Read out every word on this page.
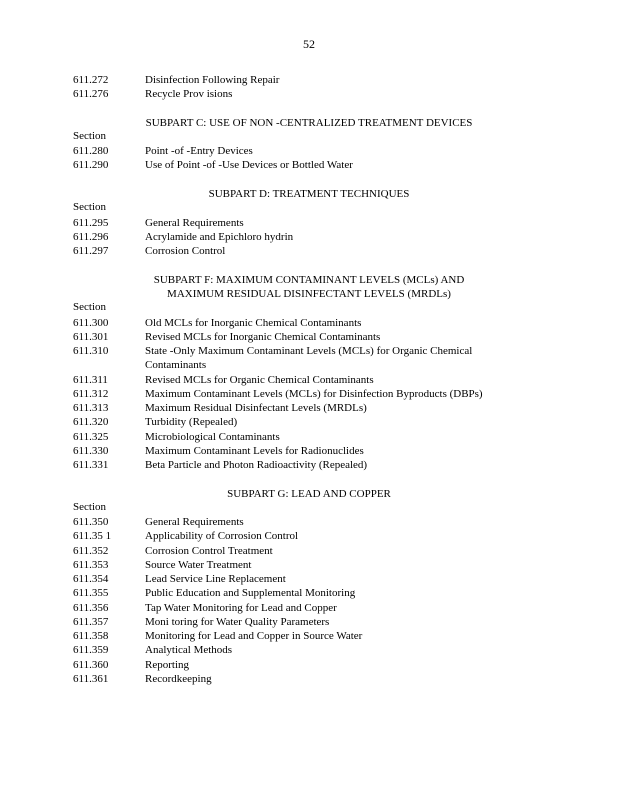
52
611.272	Disinfection Following Repair
611.276	Recycle Prov isions
SUBPART C: USE OF NON -CENTRALIZED TREATMENT DEVICES
Section
611.280	Point -of -Entry Devices
611.290	Use of Point -of -Use Devices or Bottled Water
SUBPART D: TREATMENT TECHNIQUES
Section
611.295	General Requirements
611.296	Acrylamide and Epichloro hydrin
611.297	Corrosion Control
SUBPART F: MAXIMUM CONTAMINANT LEVELS (MCLs) AND
MAXIMUM RESIDUAL DISINFECTANT LEVELS (MRDLs)
Section
611.300	Old MCLs for Inorganic Chemical Contaminants
611.301	Revised MCLs for Inorganic Chemical Contaminants
611.310	State -Only Maximum Contaminant Levels (MCLs) for Organic Chemical Contaminants
611.311	Revised MCLs for Organic Chemical Contaminants
611.312	Maximum Contaminant Levels (MCLs) for Disinfection Byproducts (DBPs)
611.313	Maximum Residual Disinfectant Levels (MRDLs)
611.320	Turbidity (Repealed)
611.325	Microbiological Contaminants
611.330	Maximum Contaminant Levels for Radionuclides
611.331	Beta Particle and Photon Radioactivity (Repealed)
SUBPART G: LEAD AND COPPER
Section
611.350	General Requirements
611.35 1	Applicability of Corrosion Control
611.352	Corrosion Control Treatment
611.353	Source Water Treatment
611.354	Lead Service Line Replacement
611.355	Public Education and Supplemental Monitoring
611.356	Tap Water Monitoring for Lead and Copper
611.357	Moni toring for Water Quality Parameters
611.358	Monitoring for Lead and Copper in Source Water
611.359	Analytical Methods
611.360	Reporting
611.361	Recordkeeping
